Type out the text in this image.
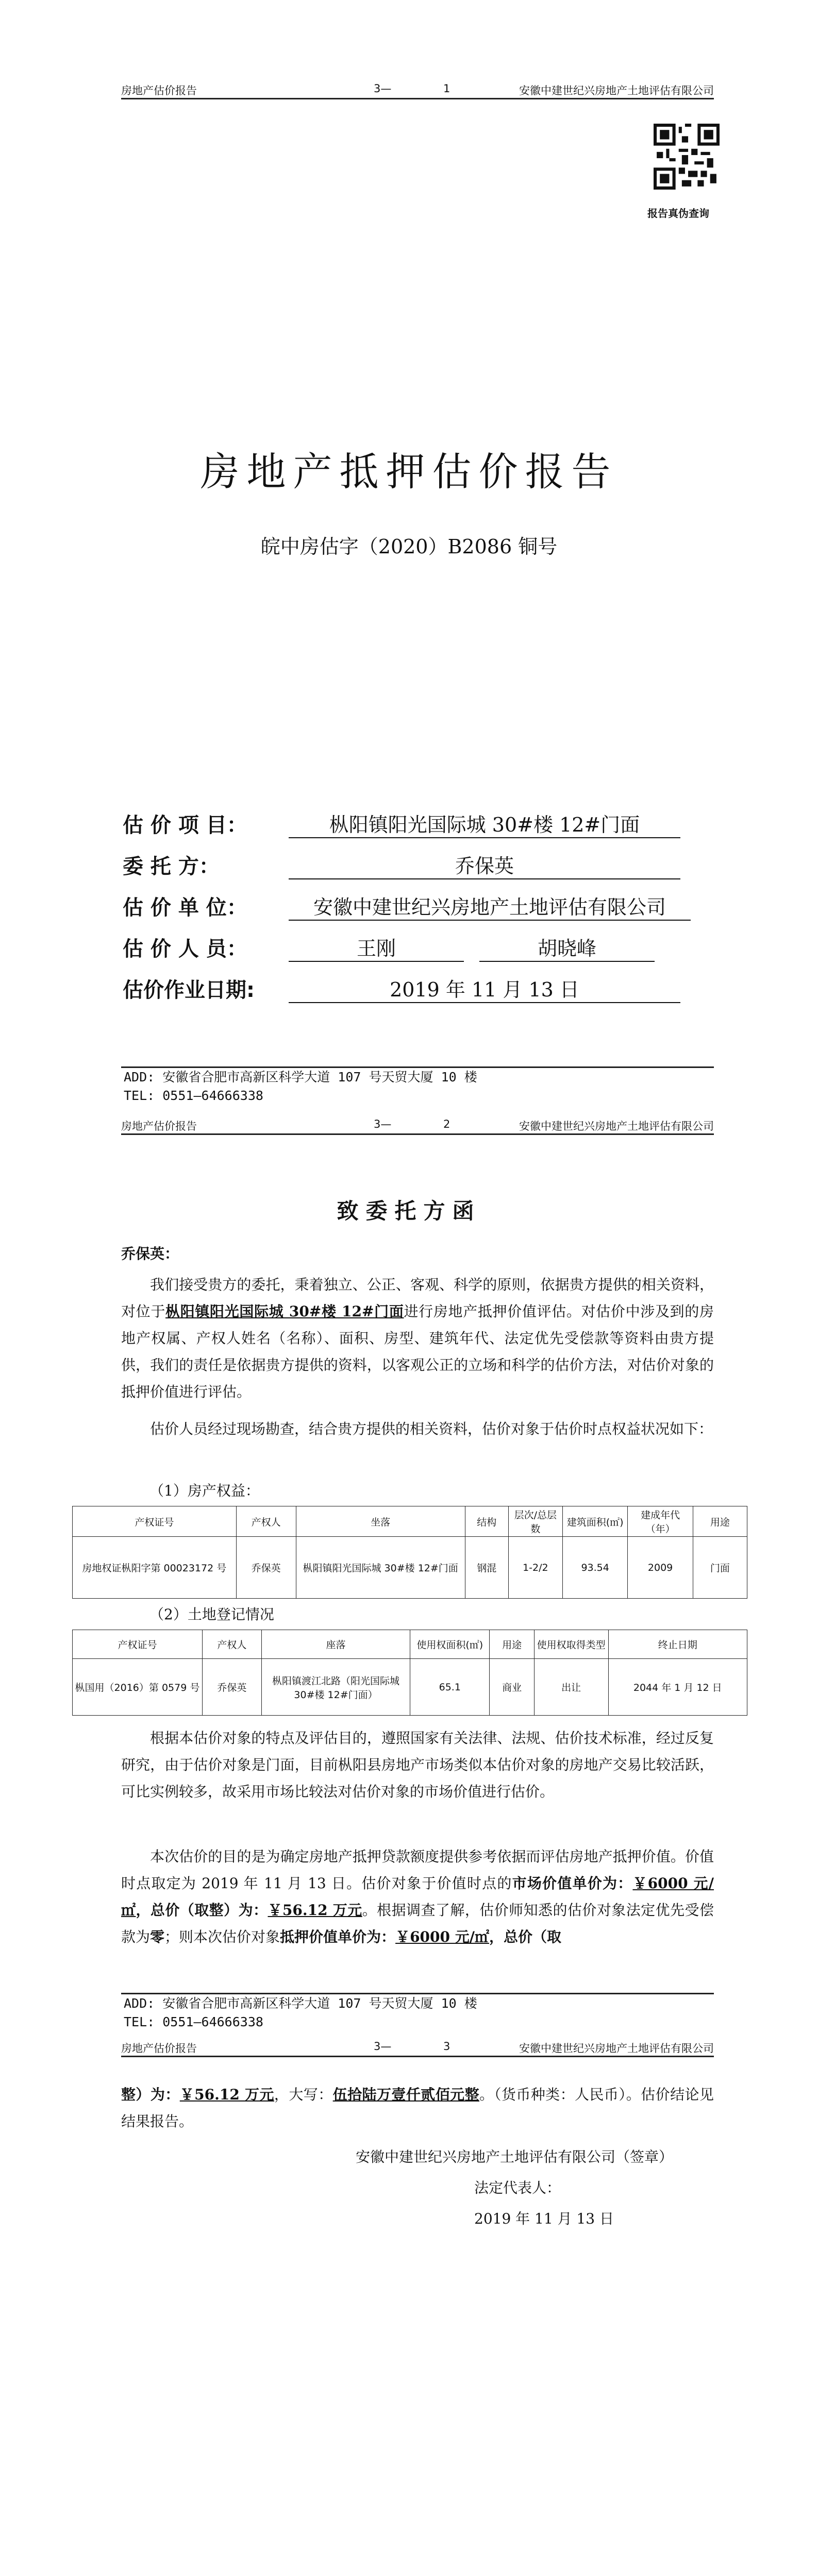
房地产估价报告	3—	1	安徽中建世纪兴房地产土地评估有限公司
报告真伪查询
房地产抵押估价报告
皖中房估字（2020）B2086 铜号
估 价 项 目：	枞阳镇阳光国际城 30#楼 12#门面
委 托 方：	乔保英
估 价 单 位：	安徽中建世纪兴房地产土地评估有限公司
估 价 人 员：	王刚	胡晓峰
估价作业日期:	2019 年 11 月 13 日
ADD: 安徽省合肥市高新区科学大道 107 号天贸大厦 10 楼
TEL: 0551—64666338
房地产估价报告	3—	2	安徽中建世纪兴房地产土地评估有限公司
致委托方函
乔保英：
我们接受贵方的委托，秉着独立、公正、客观、科学的原则，依据贵方提供的相关资料，对位于枞阳镇阳光国际城 30#楼 12#门面进行房地产抵押价值评估。对估价中涉及到的房地产权属、产权人姓名（名称）、面积、房型、建筑年代、法定优先受偿款等资料由贵方提供，我们的责任是依据贵方提供的资料，以客观公正的立场和科学的估价方法，对估价对象的抵押价值进行评估。
估价人员经过现场勘查，结合贵方提供的相关资料，估价对象于估价时点权益状况如下：
（1）房产权益：
产权证号	产权人	坐落	结构	层次/总层数	建筑面积(㎡)	建成年代（年）	用途
房地权证枞阳字第 00023172 号	乔保英	枞阳镇阳光国际城 30#楼 12#门面	钢混	1-2/2	93.54	2009	门面
（2）土地登记情况
产权证号	产权人	座落	使用权面积(㎡)	用途	使用权取得类型	终止日期
枞国用（2016）第 0579 号	乔保英	枞阳镇渡江北路（阳光国际城 30#楼 12#门面）	65.1	商业	出让	2044 年 1 月 12 日
根据本估价对象的特点及评估目的，遵照国家有关法律、法规、估价技术标准，经过反复研究，由于估价对象是门面，目前枞阳县房地产市场类似本估价对象的房地产交易比较活跃，可比实例较多，故采用市场比较法对估价对象的市场价值进行估价。
本次估价的目的是为确定房地产抵押贷款额度提供参考依据而评估房地产抵押价值。价值时点取定为 2019 年 11 月 13 日。估价对象于价值时点的市场价值单价为：￥6000 元/㎡，总价（取整）为：￥56.12 万元。根据调查了解，估价师知悉的估价对象法定优先受偿款为零；则本次估价对象抵押价值单价为：￥6000 元/㎡，总价（取
ADD: 安徽省合肥市高新区科学大道 107 号天贸大厦 10 楼
TEL: 0551—64666338
房地产估价报告	3—	3	安徽中建世纪兴房地产土地评估有限公司
整）为：￥56.12 万元，大写：伍拾陆万壹仟贰佰元整。（货币种类：人民币）。估价结论见结果报告。
安徽中建世纪兴房地产土地评估有限公司（签章）
法定代表人：
2019 年 11 月 13 日
